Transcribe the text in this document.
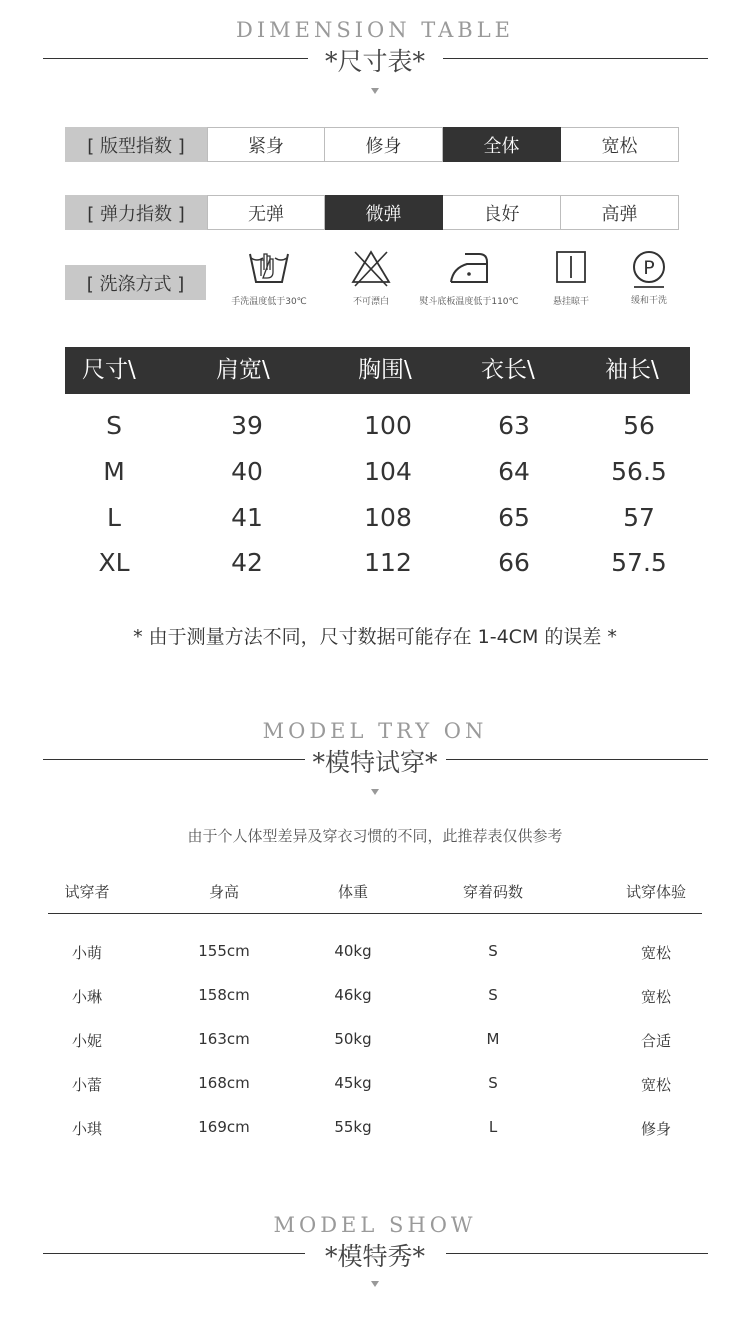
DIMENSION TABLE
*尺寸表*
[ 版型指数 ]	紧身	修身	全体	宽松
[ 弹力指数 ]	无弹	微弹	良好	高弹
[ 洗涤方式 ]
手洗温度低于30℃	不可漂白	熨斗底板温度低于110℃	悬挂晾干
P
缓和干洗
尺寸\	肩宽\	胸围\	衣长\	袖长\
S	39	100	63	56
M	40	104	64	56.5
L	41	108	65	57
XL	42	112	66	57.5
* 由于测量方法不同，尺寸数据可能存在 1-4CM 的误差 *
MODEL TRY ON
*模特试穿*
由于个人体型差异及穿衣习惯的不同，此推荐表仅供参考
试穿者	身高	体重	穿着码数	试穿体验
小萌	155cm	40kg	S	宽松
小琳	158cm	46kg	S	宽松
小妮	163cm	50kg	M	合适
小蕾	168cm	45kg	S	宽松
小琪	169cm	55kg	L	修身
MODEL SHOW
*模特秀*
